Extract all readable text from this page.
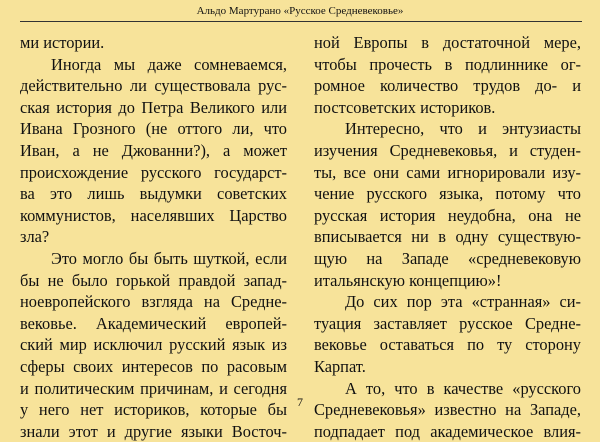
Альдо Мартурано «Русское Средневековье»
ми истории.
Иногда мы даже сомневаемся,
действительно ли существовала рус-
ская история до Петра Великого или
Ивана Грозного (не оттого ли, что
Иван, а не Джованни?), а может
происхождение русского государст-
ва это лишь выдумки советских
коммунистов, населявших Царство
зла?
Это могло бы быть шуткой, если
бы не было горькой правдой запад-
ноевропейского взгляда на Средне-
вековье. Академический европей-
ский мир исключил русский язык из
сферы своих интересов по расовым
и политическим причинам, и сегодня
у него нет историков, которые бы
знали этот и другие языки Восточ-
ной Европы в достаточной мере,
чтобы прочесть в подлиннике ог-
ромное количество трудов до- и
постсоветских историков.
Интересно, что и энтузиасты
изучения Средневековья, и студен-
ты, все они сами игнорировали изу-
чение русского языка, потому что
русская история неудобна, она не
вписывается ни в одну существую-
щую на Западе «средневековую
итальянскую концепцию»!
До сих пор эта «странная» си-
туация заставляет русское Средне-
вековье оставаться по ту сторону
Карпат.
А то, что в качестве «русского
Средневековья» известно на Западе,
подпадает под академическое влия-
7
